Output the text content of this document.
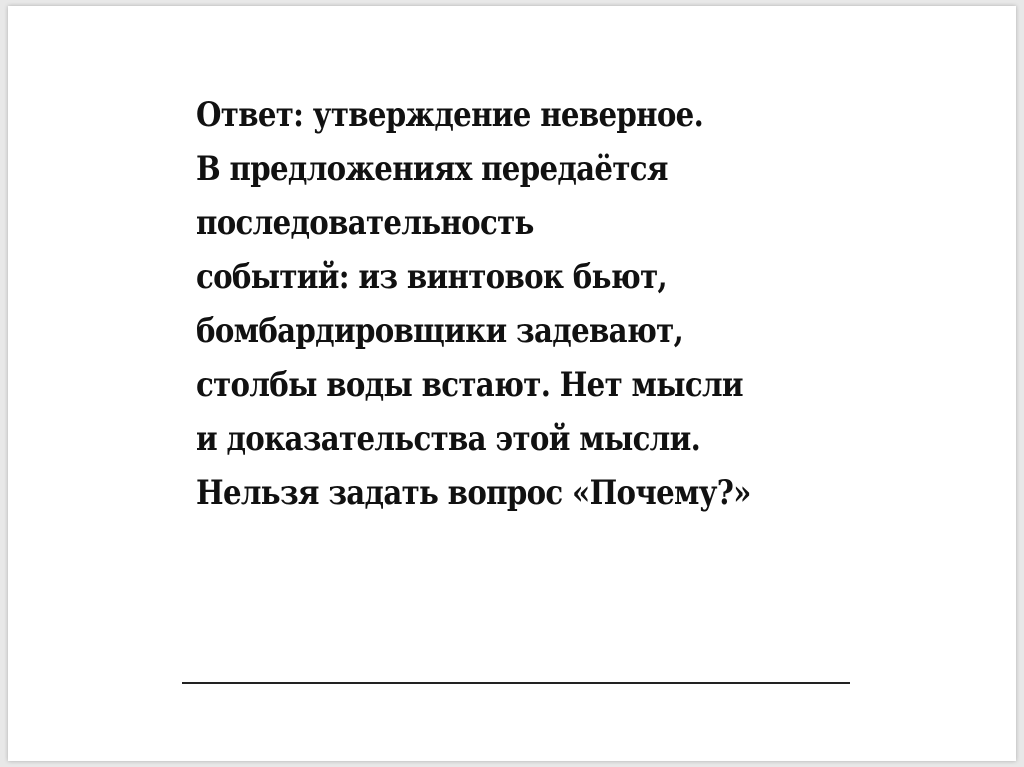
Ответ: утверждение неверное.
В предложениях передаётся
последовательность
событий: из винтовок бьют,
бомбардировщики задевают,
столбы воды встают. Нет мысли
и доказательства этой мысли.
Нельзя задать вопрос «Почему?»
